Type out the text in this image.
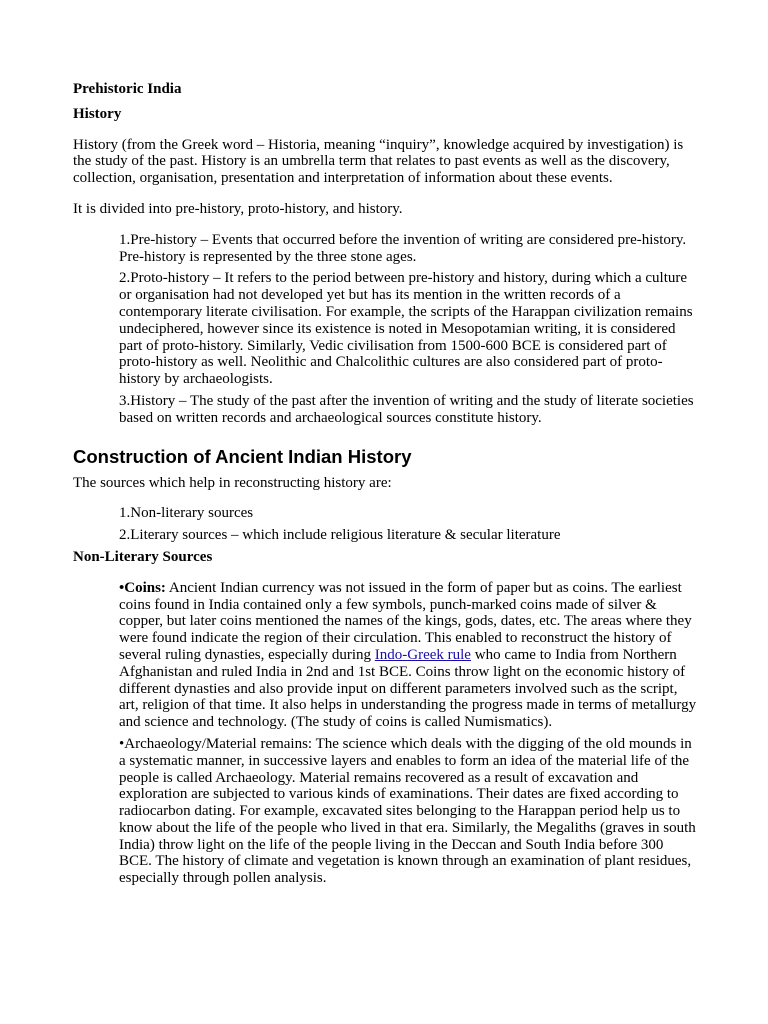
Prehistoric India

History

History (from the Greek word – Historia, meaning “inquiry”, knowledge acquired by investigation) is the study of the past. History is an umbrella term that relates to past events as well as the discovery, collection, organisation, presentation and interpretation of information about these events.

It is divided into pre-history, proto-history, and history.

1.Pre-history – Events that occurred before the invention of writing are considered pre-history. Pre-history is represented by the three stone ages.

2.Proto-history – It refers to the period between pre-history and history, during which a culture or organisation had not developed yet but has its mention in the written records of a contemporary literate civilisation. For example, the scripts of the Harappan civilization remains undeciphered, however since its existence is noted in Mesopotamian writing, it is considered part of proto-history. Similarly, Vedic civilisation from 1500-600 BCE is considered part of proto-history as well. Neolithic and Chalcolithic cultures are also considered part of proto-history by archaeologists.

3.History – The study of the past after the invention of writing and the study of literate societies based on written records and archaeological sources constitute history.

Construction of Ancient Indian History

The sources which help in reconstructing history are:

1.Non-literary sources

2.Literary sources – which include religious literature & secular literature

Non-Literary Sources

•Coins: Ancient Indian currency was not issued in the form of paper but as coins. The earliest coins found in India contained only a few symbols, punch-marked coins made of silver & copper, but later coins mentioned the names of the kings, gods, dates, etc. The areas where they were found indicate the region of their circulation. This enabled to reconstruct the history of several ruling dynasties, especially during Indo-Greek rule who came to India from Northern Afghanistan and ruled India in 2nd and 1st BCE. Coins throw light on the economic history of different dynasties and also provide input on different parameters involved such as the script, art, religion of that time. It also helps in understanding the progress made in terms of metallurgy and science and technology. (The study of coins is called Numismatics).

•Archaeology/Material remains: The science which deals with the digging of the old mounds in a systematic manner, in successive layers and enables to form an idea of the material life of the people is called Archaeology. Material remains recovered as a result of excavation and exploration are subjected to various kinds of examinations. Their dates are fixed according to radiocarbon dating. For example, excavated sites belonging to the Harappan period help us to know about the life of the people who lived in that era. Similarly, the Megaliths (graves in south India) throw light on the life of the people living in the Deccan and South India before 300 BCE. The history of climate and vegetation is known through an examination of plant residues, especially through pollen analysis.
